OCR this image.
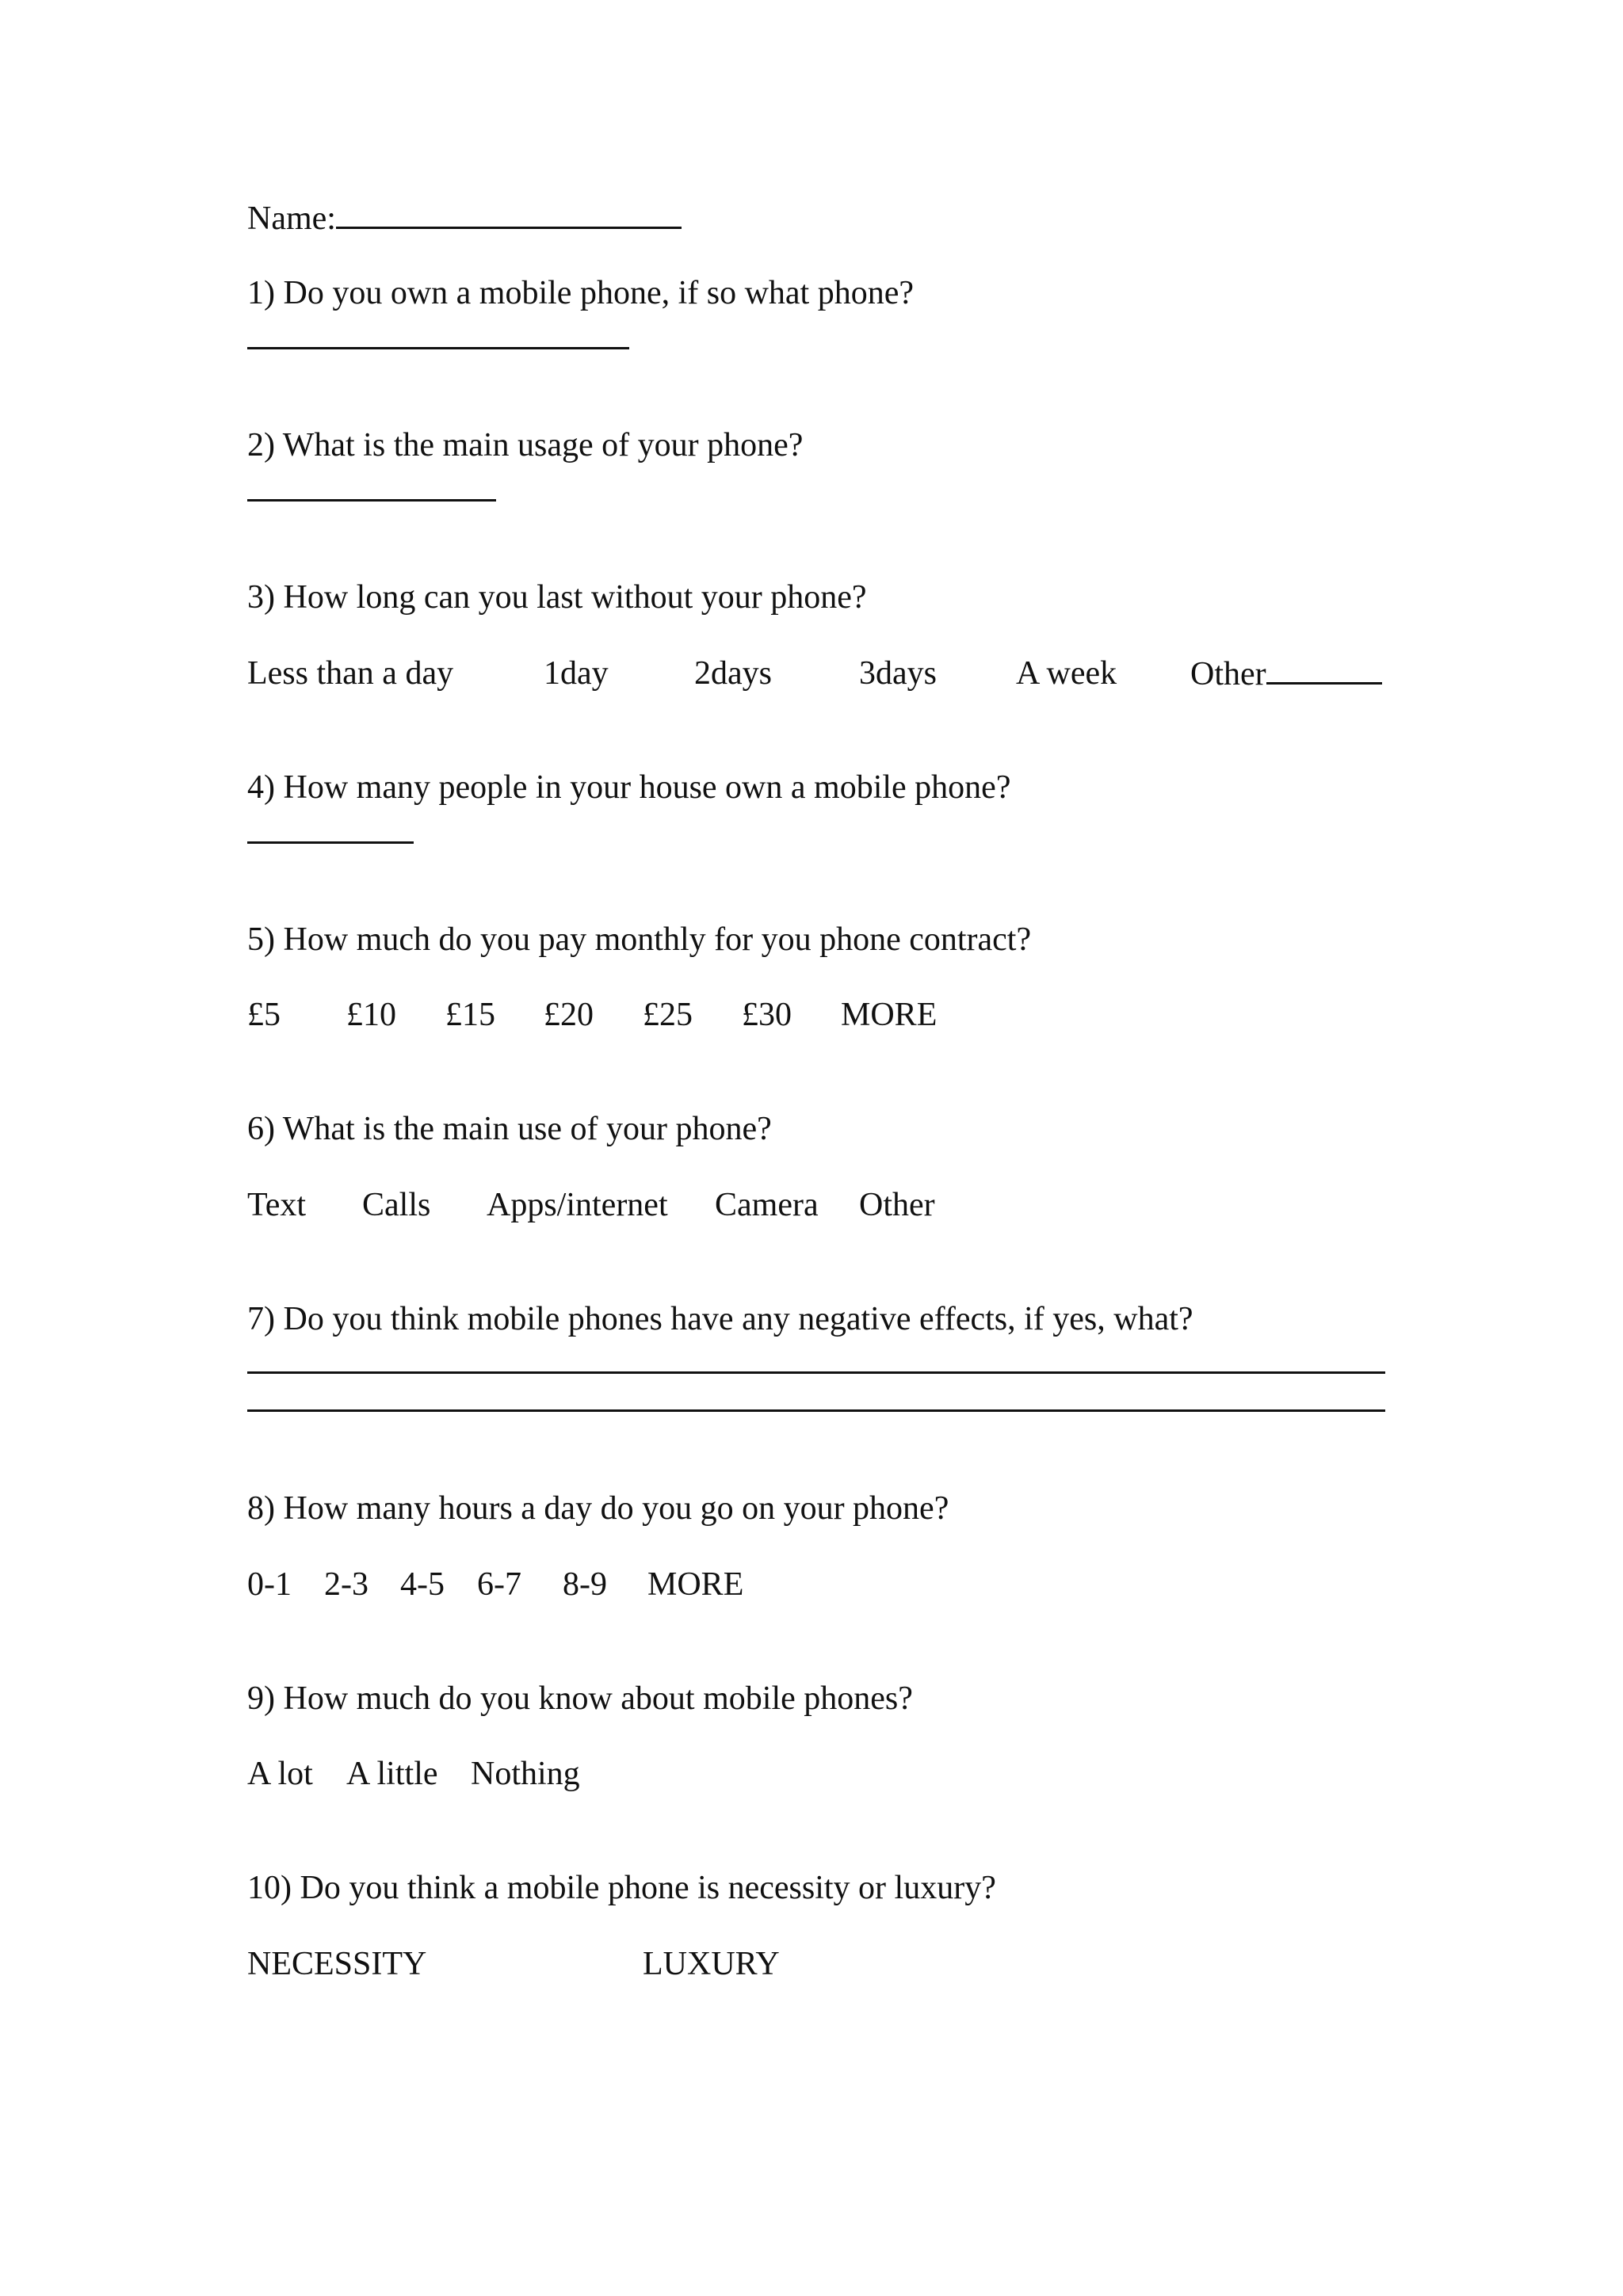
Name:
1) Do you own a mobile phone, if so what phone?
2) What is the main usage of your phone?
3) How long can you last without your phone?
Less than a day	1day	2days	3days A week Other
4) How many people in your house own a mobile phone?
5) How much do you pay monthly for you phone contract?
£5 £10 £15 £20 £25 £30 MORE
6) What is the main use of your phone?
Text Calls Apps/internet Camera Other
7) Do you think mobile phones have any negative effects, if yes, what?
8) How many hours a day do you go on your phone?
0-1 2-3 4-5 6-7 8-9 MORE
9) How much do you know about mobile phones?
A lot A little Nothing
10) Do you think a mobile phone is necessity or luxury?
NECESSITY	LUXURY
